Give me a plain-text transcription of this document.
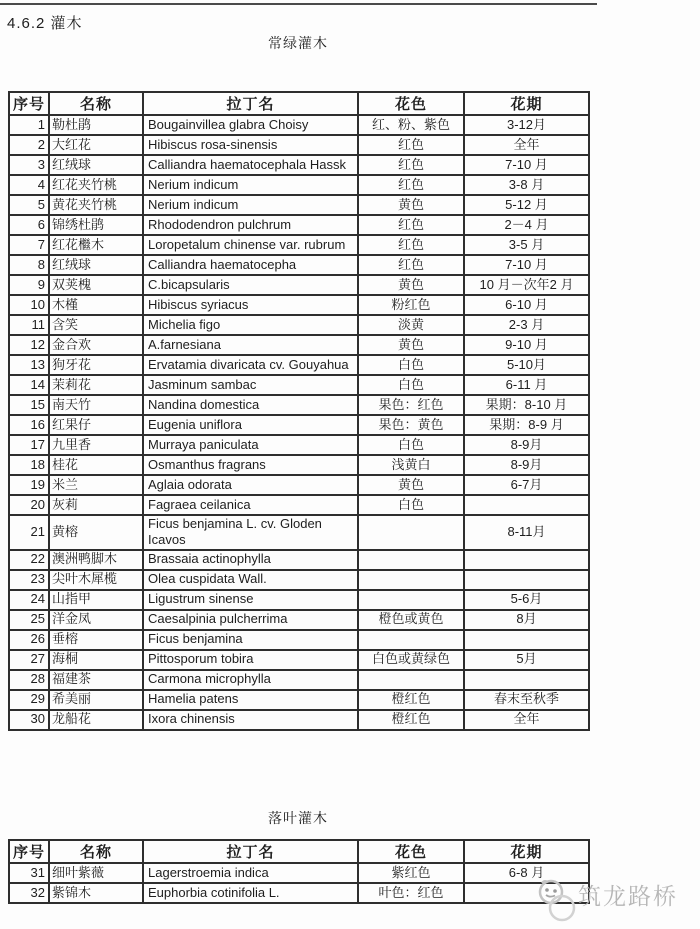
4.6.2 灌木
常绿灌木
序号	名称	拉丁名	花色	花期
1	勒杜鹃	Bougainvillea glabra Choisy	红、粉、紫色	3-12月
2	大红花	Hibiscus rosa-sinensis	红色	全年
3	红绒球	Calliandra haematocephala Hassk	红色	7-10 月
4	红花夹竹桃	Nerium indicum	红色	3-8 月
5	黄花夹竹桃	Nerium indicum	黄色	5-12 月
6	锦绣杜鹃	Rhododendron pulchrum	红色	2－4 月
7	红花檵木	Loropetalum chinense var. rubrum	红色	3-5 月
8	红绒球	Calliandra haematocepha	红色	7-10 月
9	双荚槐	C.bicapsularis	黄色	10 月－次年2 月
10	木槿	Hibiscus syriacus	粉红色	6-10 月
11	含笑	Michelia figo	淡黄	2-3 月
12	金合欢	A.farnesiana	黄色	9-10 月
13	狗牙花	Ervatamia divaricata cv. Gouyahua	白色	5-10月
14	茉莉花	Jasminum sambac	白色	6-11 月
15	南天竹	Nandina domestica	果色：红色	果期：8-10 月
16	红果仔	Eugenia uniflora	果色：黄色	果期：8-9 月
17	九里香	Murraya paniculata	白色	8-9月
18	桂花	Osmanthus fragrans	浅黄白	8-9月
19	米兰	Aglaia odorata	黄色	6-7月
20	灰莉	Fagraea ceilanica	白色	
21	黄榕	Ficus benjamina L. cv. Gloden Icavos		8-11月
22	澳洲鸭脚木	Brassaia actinophylla		
23	尖叶木犀榄	Olea cuspidata Wall.		
24	山指甲	Ligustrum sinense		5-6月
25	洋金凤	Caesalpinia pulcherrima	橙色或黄色	8月
26	垂榕	Ficus benjamina		
27	海桐	Pittosporum tobira	白色或黄绿色	5月
28	福建茶	Carmona microphylla		
29	希美丽	Hamelia patens	橙红色	春末至秋季
30	龙船花	Ixora chinensis	橙红色	全年
落叶灌木
序号	名称	拉丁名	花色	花期
31	细叶紫薇	Lagerstroemia indica	紫红色	6-8 月
32	紫锦木	Euphorbia cotinifolia L.	叶色：红色		筑龙路桥
